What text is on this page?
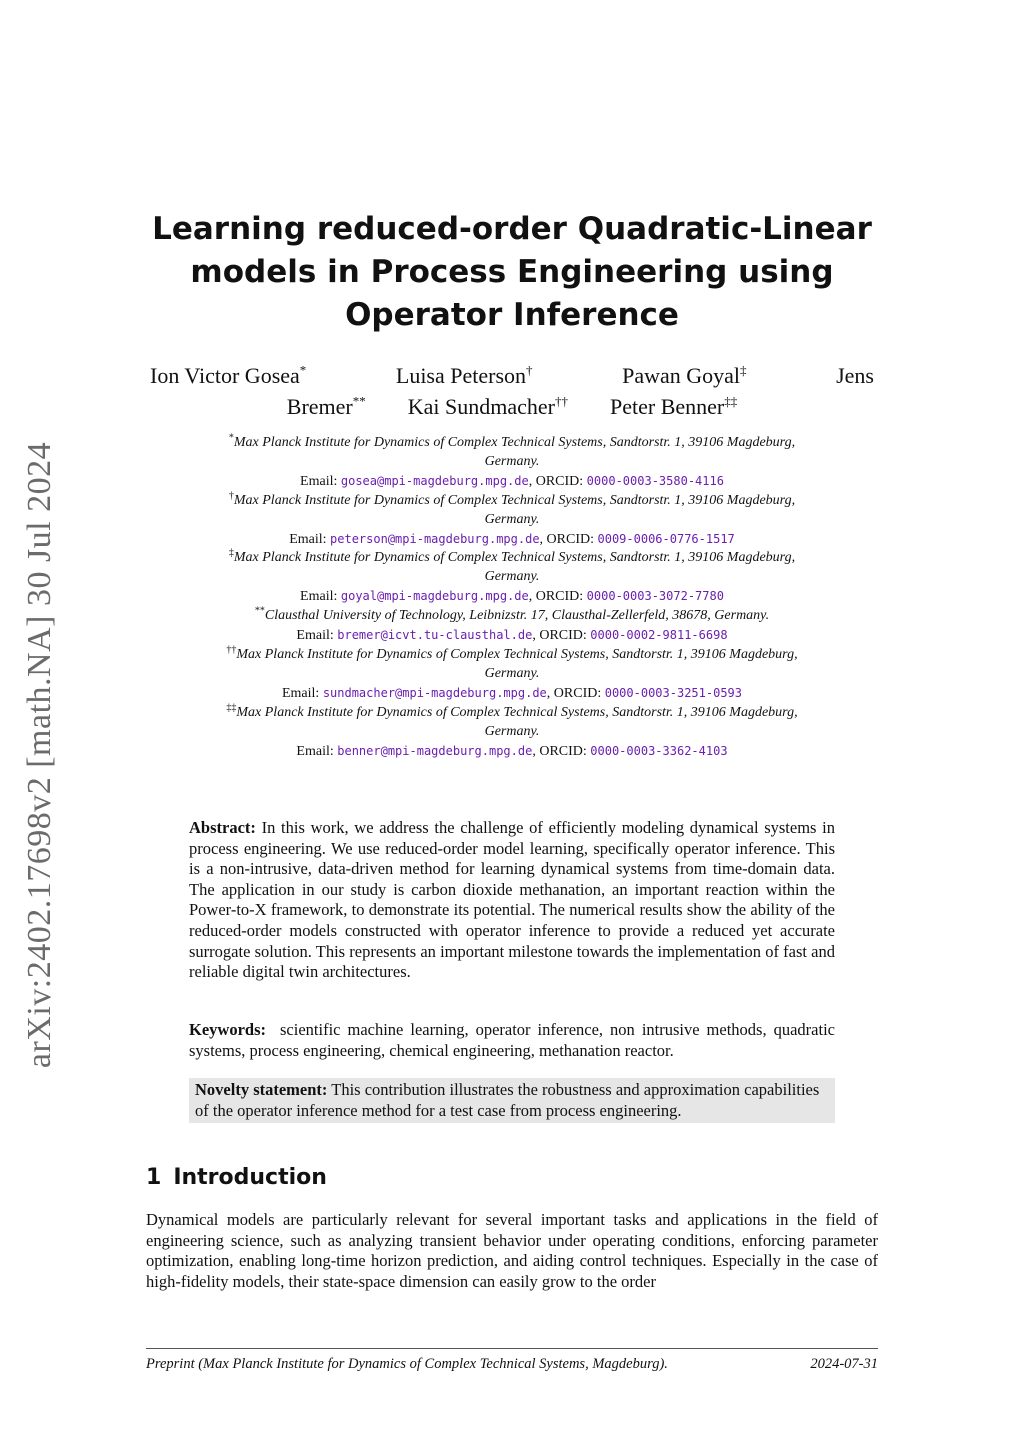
arXiv:2402.17698v2 [math.NA] 30 Jul 2024
Learning reduced-order Quadratic-Linear
models in Process Engineering using
Operator Inference
Ion Victor Gosea*	Luisa Peterson†	Pawan Goyal‡	Jens
Bremer** Kai Sundmacher†† Peter Benner‡‡
*Max Planck Institute for Dynamics of Complex Technical Systems, Sandtorstr. 1, 39106 Magdeburg,
Germany.
Email: gosea@mpi-magdeburg.mpg.de, ORCID: 0000-0003-3580-4116
†Max Planck Institute for Dynamics of Complex Technical Systems, Sandtorstr. 1, 39106 Magdeburg,
Germany.
Email: peterson@mpi-magdeburg.mpg.de, ORCID: 0009-0006-0776-1517
‡Max Planck Institute for Dynamics of Complex Technical Systems, Sandtorstr. 1, 39106 Magdeburg,
Germany.
Email: goyal@mpi-magdeburg.mpg.de, ORCID: 0000-0003-3072-7780
**Clausthal University of Technology, Leibnizstr. 17, Clausthal-Zellerfeld, 38678, Germany.
Email: bremer@icvt.tu-clausthal.de, ORCID: 0000-0002-9811-6698
††Max Planck Institute for Dynamics of Complex Technical Systems, Sandtorstr. 1, 39106 Magdeburg,
Germany.
Email: sundmacher@mpi-magdeburg.mpg.de, ORCID: 0000-0003-3251-0593
‡‡Max Planck Institute for Dynamics of Complex Technical Systems, Sandtorstr. 1, 39106 Magdeburg,
Germany.
Email: benner@mpi-magdeburg.mpg.de, ORCID: 0000-0003-3362-4103

Abstract: In this work, we address the challenge of efficiently modeling dynamical systems in process engineering. We use reduced-order model learning, specifically operator inference. This is a non-intrusive, data-driven method for learning dynamical systems from time-domain data. The application in our study is carbon dioxide methanation, an important reaction within the Power-to-X framework, to demonstrate its potential. The numerical results show the ability of the reduced-order models constructed with operator inference to provide a reduced yet accurate surrogate solution. This represents an important milestone towards the implementation of fast and reliable digital twin architectures.

Keywords: scientific machine learning, operator inference, non intrusive methods, quadratic systems, process engineering, chemical engineering, methanation reactor.
Novelty statement: This contribution illustrates the robustness and approximation capabilities of the operator inference method for a test case from process engineering.
1 Introduction

Dynamical models are particularly relevant for several important tasks and applications in the field of engineering science, such as analyzing transient behavior under operating conditions, enforcing parameter optimization, enabling long-time horizon prediction, and aiding control techniques. Especially in the case of high-fidelity models, their state-space dimension can easily grow to the order

Preprint (Max Planck Institute for Dynamics of Complex Technical Systems, Magdeburg).	2024-07-31
